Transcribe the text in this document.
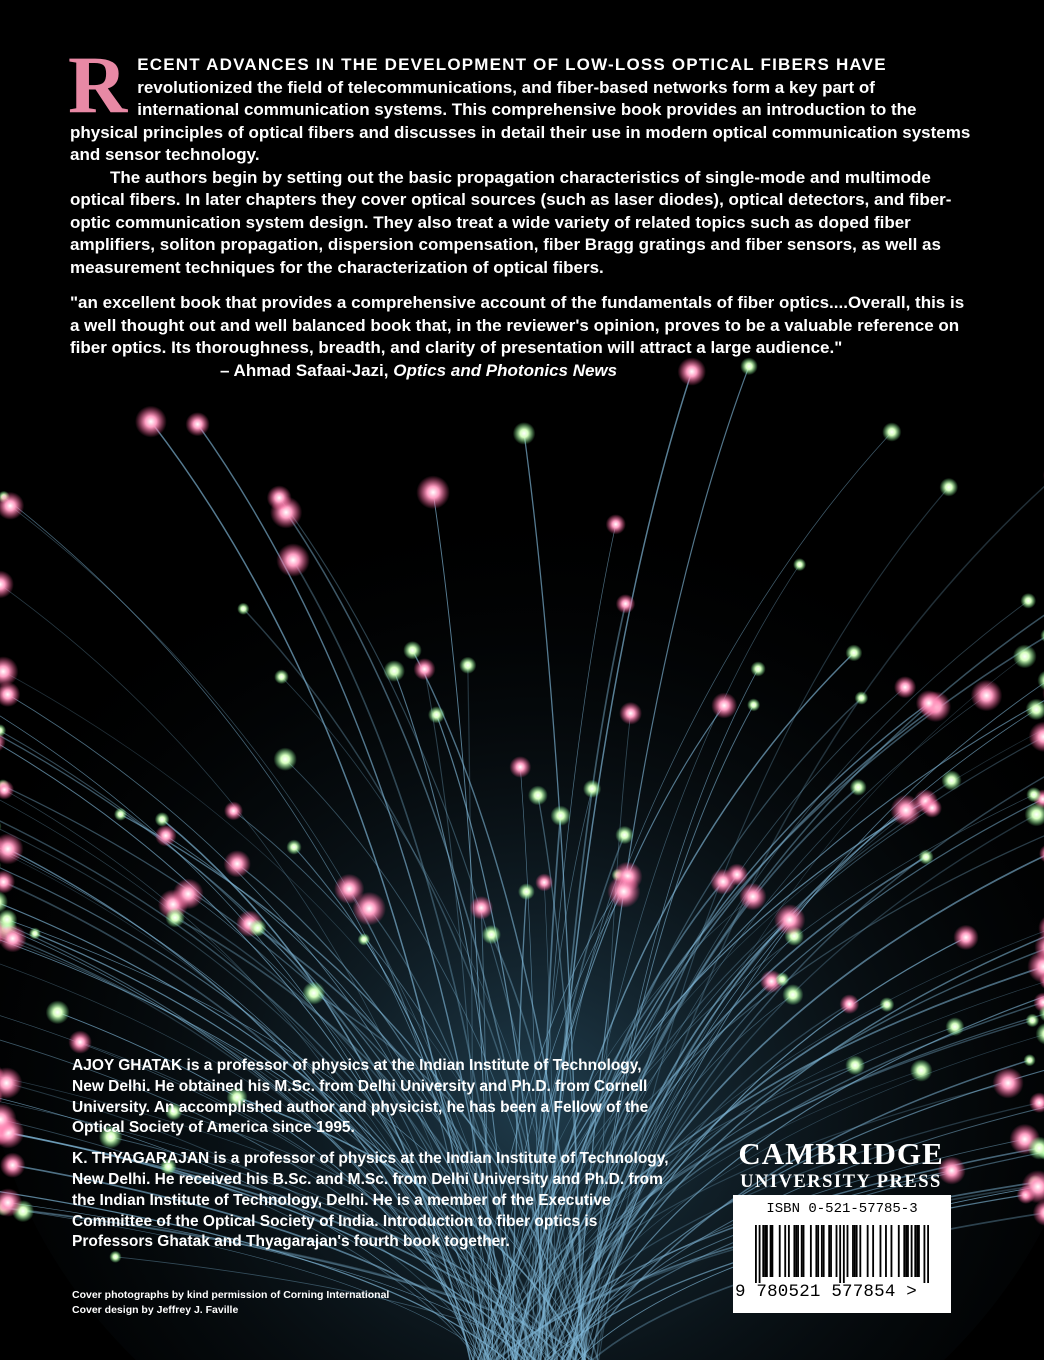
RECENT ADVANCES IN THE DEVELOPMENT OF LOW-LOSS OPTICAL FIBERS HAVE revolutionized the field of telecommunications, and fiber-based networks form a key part of international communication systems. This comprehensive book provides an introduction to the physical principles of optical fibers and discusses in detail their use in modern optical communication systems and sensor technology.

The authors begin by setting out the basic propagation characteristics of single-mode and multimode optical fibers. In later chapters they cover optical sources (such as laser diodes), optical detectors, and fiber-optic communication system design. They also treat a wide variety of related topics such as doped fiber amplifiers, soliton propagation, dispersion compensation, fiber Bragg gratings and fiber sensors, as well as measurement techniques for the characterization of optical fibers.

"an excellent book that provides a comprehensive account of the fundamentals of fiber optics....Overall, this is a well thought out and well balanced book that, in the reviewer's opinion, proves to be a valuable reference on fiber optics. Its thoroughness, breadth, and clarity of presentation will attract a large audience."

– Ahmad Safaai-Jazi, Optics and Photonics News

AJOY GHATAK is a professor of physics at the Indian Institute of Technology, New Delhi. He obtained his M.Sc. from Delhi University and Ph.D. from Cornell University. An accomplished author and physicist, he has been a Fellow of the Optical Society of America since 1995.

K. THYAGARAJAN is a professor of physics at the Indian Institute of Technology, New Delhi. He received his B.Sc. and M.Sc. from Delhi University and Ph.D. from the Indian Institute of Technology, Delhi. He is a member of the Executive Committee of the Optical Society of India. Introduction to fiber optics is Professors Ghatak and Thyagarajan's fourth book together.

Cover photographs by kind permission of Corning International
Cover design by Jeffrey J. Faville
CAMBRIDGE
UNIVERSITY PRESS
ISBN 0-521-57785-3
9 780521 577854 >
